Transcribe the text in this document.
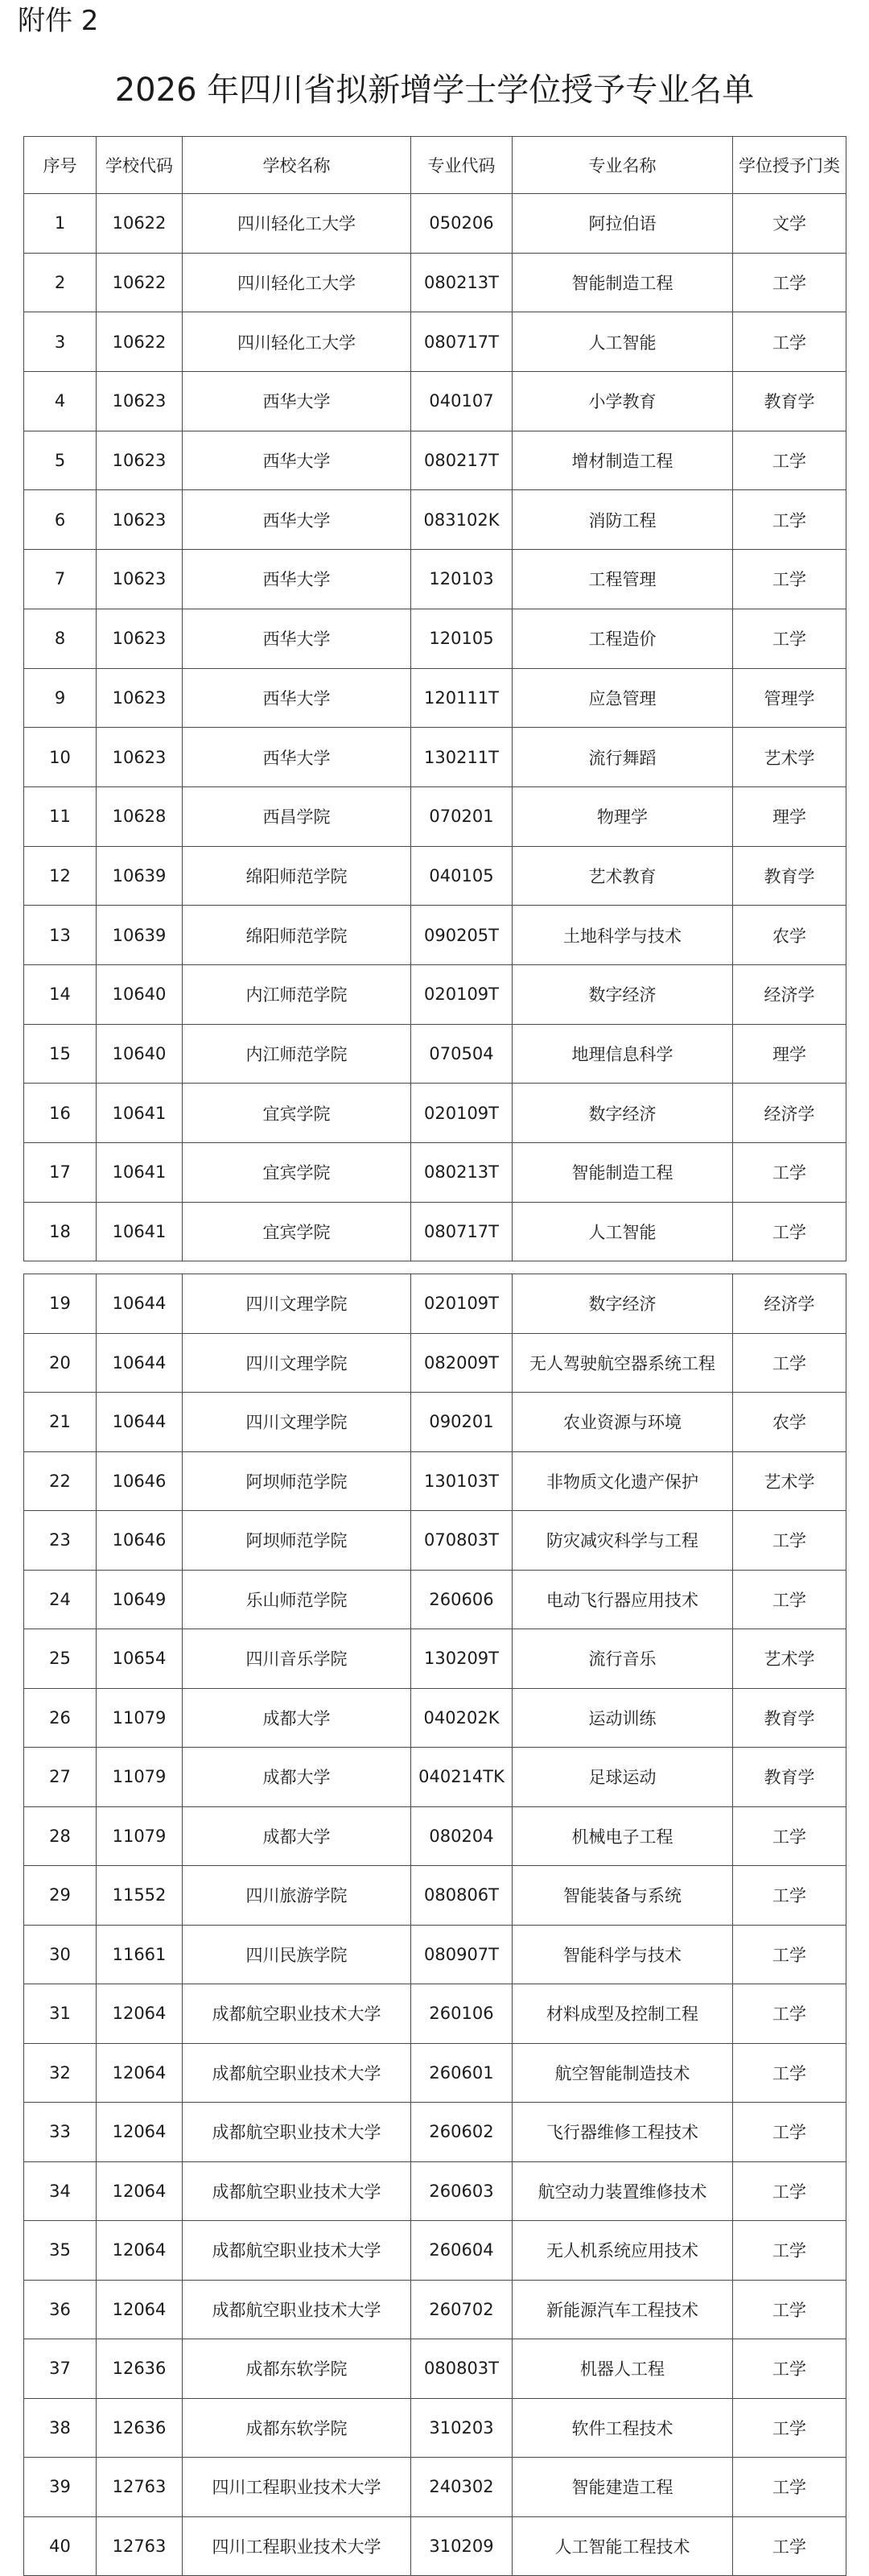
附件 2
2026 年四川省拟新增学士学位授予专业名单
序号	学校代码	学校名称	专业代码	专业名称	学位授予门类
1	10622	四川轻化工大学	050206	阿拉伯语	文学
2	10622	四川轻化工大学	080213T	智能制造工程	工学
3	10622	四川轻化工大学	080717T	人工智能	工学
4	10623	西华大学	040107	小学教育	教育学
5	10623	西华大学	080217T	增材制造工程	工学
6	10623	西华大学	083102K	消防工程	工学
7	10623	西华大学	120103	工程管理	工学
8	10623	西华大学	120105	工程造价	工学
9	10623	西华大学	120111T	应急管理	管理学
10	10623	西华大学	130211T	流行舞蹈	艺术学
11	10628	西昌学院	070201	物理学	理学
12	10639	绵阳师范学院	040105	艺术教育	教育学
13	10639	绵阳师范学院	090205T	土地科学与技术	农学
14	10640	内江师范学院	020109T	数字经济	经济学
15	10640	内江师范学院	070504	地理信息科学	理学
16	10641	宜宾学院	020109T	数字经济	经济学
17	10641	宜宾学院	080213T	智能制造工程	工学
18	10641	宜宾学院	080717T	人工智能	工学
19	10644	四川文理学院	020109T	数字经济	经济学
20	10644	四川文理学院	082009T	无人驾驶航空器系统工程	工学
21	10644	四川文理学院	090201	农业资源与环境	农学
22	10646	阿坝师范学院	130103T	非物质文化遗产保护	艺术学
23	10646	阿坝师范学院	070803T	防灾减灾科学与工程	工学
24	10649	乐山师范学院	260606	电动飞行器应用技术	工学
25	10654	四川音乐学院	130209T	流行音乐	艺术学
26	11079	成都大学	040202K	运动训练	教育学
27	11079	成都大学	040214TK	足球运动	教育学
28	11079	成都大学	080204	机械电子工程	工学
29	11552	四川旅游学院	080806T	智能装备与系统	工学
30	11661	四川民族学院	080907T	智能科学与技术	工学
31	12064	成都航空职业技术大学	260106	材料成型及控制工程	工学
32	12064	成都航空职业技术大学	260601	航空智能制造技术	工学
33	12064	成都航空职业技术大学	260602	飞行器维修工程技术	工学
34	12064	成都航空职业技术大学	260603	航空动力装置维修技术	工学
35	12064	成都航空职业技术大学	260604	无人机系统应用技术	工学
36	12064	成都航空职业技术大学	260702	新能源汽车工程技术	工学
37	12636	成都东软学院	080803T	机器人工程	工学
38	12636	成都东软学院	310203	软件工程技术	工学
39	12763	四川工程职业技术大学	240302	智能建造工程	工学
40	12763	四川工程职业技术大学	310209	人工智能工程技术	工学
